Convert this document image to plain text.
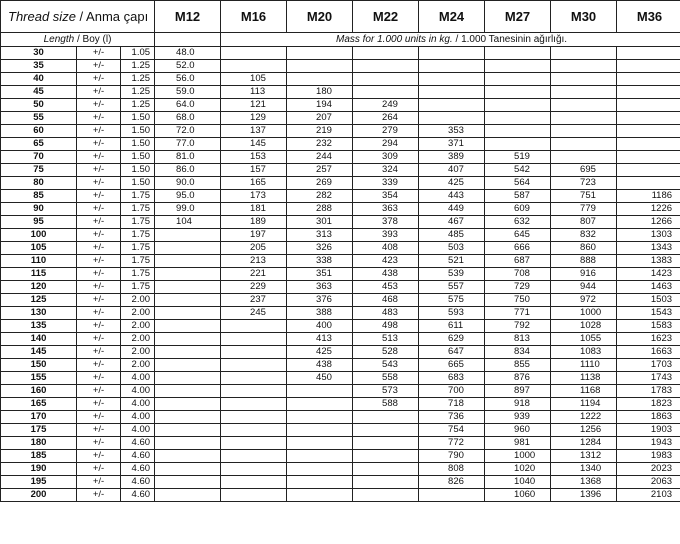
Thread size / Anma çapı			M12	M16	M20	M22	M24	M27	M30	M36
Length / Boy (l)				Mass for 1.000 units in kg. / 1.000 Tanesinin ağırlığı.						
30	+/-	1.05	48.0							
35	+/-	1.25	52.0							
40	+/-	1.25	56.0	105						
45	+/-	1.25	59.0	113	180					
50	+/-	1.25	64.0	121	194	249				
55	+/-	1.50	68.0	129	207	264				
60	+/-	1.50	72.0	137	219	279	353			
65	+/-	1.50	77.0	145	232	294	371			
70	+/-	1.50	81.0	153	244	309	389	519		
75	+/-	1.50	86.0	157	257	324	407	542	695	
80	+/-	1.50	90.0	165	269	339	425	564	723	
85	+/-	1.75	95.0	173	282	354	443	587	751	1186
90	+/-	1.75	99.0	181	288	363	449	609	779	1226
95	+/-	1.75	104	189	301	378	467	632	807	1266
100	+/-	1.75		197	313	393	485	645	832	1303
105	+/-	1.75		205	326	408	503	666	860	1343
110	+/-	1.75		213	338	423	521	687	888	1383
115	+/-	1.75		221	351	438	539	708	916	1423
120	+/-	1.75		229	363	453	557	729	944	1463
125	+/-	2.00		237	376	468	575	750	972	1503
130	+/-	2.00		245	388	483	593	771	1000	1543
135	+/-	2.00			400	498	611	792	1028	1583
140	+/-	2.00			413	513	629	813	1055	1623
145	+/-	2.00			425	528	647	834	1083	1663
150	+/-	2.00			438	543	665	855	1110	1703
155	+/-	4.00			450	558	683	876	1138	1743
160	+/-	4.00				573	700	897	1168	1783
165	+/-	4.00				588	718	918	1194	1823
170	+/-	4.00					736	939	1222	1863
175	+/-	4.00					754	960	1256	1903
180	+/-	4.60					772	981	1284	1943
185	+/-	4.60					790	1000	1312	1983
190	+/-	4.60					808	1020	1340	2023
195	+/-	4.60					826	1040	1368	2063
200	+/-	4.60						1060	1396	2103
